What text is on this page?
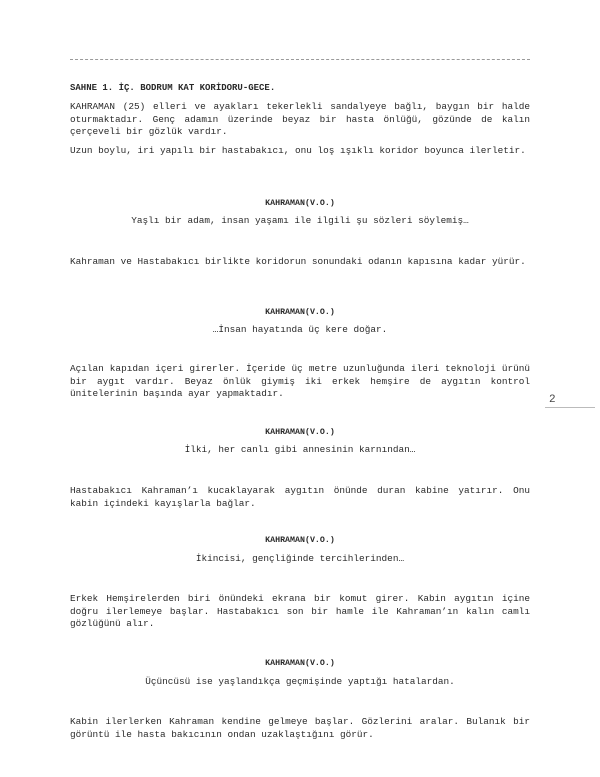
SAHNE 1. İÇ. BODRUM KAT KORİDORU-GECE.
KAHRAMAN (25) elleri ve ayakları tekerlekli sandalyeye bağlı, baygın bir halde oturmaktadır. Genç adamın üzerinde beyaz bir hasta önlüğü, gözünde de kalın çerçeveli bir gözlük vardır.
Uzun boylu, iri yapılı bir hastabakıcı, onu loş ışıklı koridor boyunca ilerletir.
KAHRAMAN(V.O.)
Yaşlı bir adam, insan yaşamı ile ilgili şu sözleri söylemiş…
Kahraman ve Hastabakıcı birlikte koridorun sonundaki odanın kapısına kadar yürür.
KAHRAMAN(V.O.)
…İnsan hayatında üç kere doğar.
Açılan kapıdan içeri girerler. İçeride üç metre uzunluğunda ileri teknoloji ürünü bir aygıt vardır. Beyaz önlük giymiş iki erkek hemşire de aygıtın kontrol ünitelerinin başında ayar yapmaktadır.
KAHRAMAN(V.O.)
İlki, her canlı gibi annesinin karnından…
Hastabakıcı Kahraman’ı kucaklayarak aygıtın önünde duran kabine yatırır. Onu kabin içindeki kayışlarla bağlar.
KAHRAMAN(V.O.)
İkincisi, gençliğinde tercihlerinden…
Erkek Hemşirelerden biri önündeki ekrana bir komut girer. Kabin aygıtın içine doğru ilerlemeye başlar. Hastabakıcı son bir hamle ile Kahraman’ın kalın camlı gözlüğünü alır.
KAHRAMAN(V.O.)
Üçüncüsü ise yaşlandıkça geçmişinde yaptığı hatalardan.
Kabin ilerlerken Kahraman kendine gelmeye başlar. Gözlerini aralar. Bulanık bir görüntü ile hasta bakıcının ondan uzaklaştığını görür.
2
